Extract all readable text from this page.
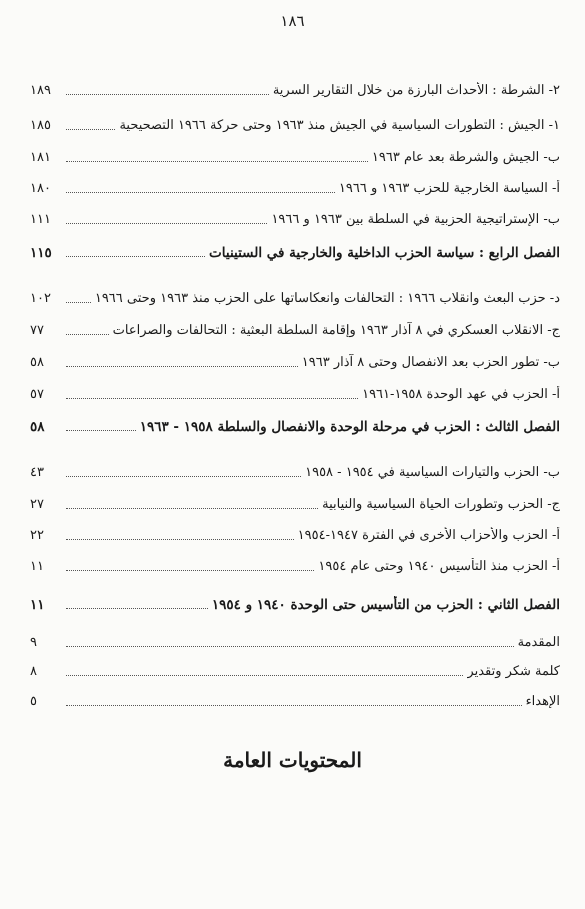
١٨٦
١٨٩	٢- الشرطة : الأحداث البارزة من خلال التقارير السرية
١٨٥	١- الجيش : التطورات السياسية في الجيش منذ ١٩٦٣ وحتى حركة ١٩٦٦ التصحيحية
١٨١	ب- الجيش والشرطة بعد عام ١٩٦٣
١٨٠	أ- السياسة الخارجية للحزب ١٩٦٣ و ١٩٦٦
١١١	ب- الإستراتيجية الحزبية في السلطة بين ١٩٦٣ و ١٩٦٦
١١٥	الفصل الرابع : سياسة الحزب الداخلية والخارجية في الستينيات
١٠٢	د- حزب البعث وانقلاب ١٩٦٦ : التحالفات وانعكاساتها على الحزب منذ ١٩٦٣ وحتى ١٩٦٦
٧٧	ج- الانقلاب العسكري في ٨ آذار ١٩٦٣ وإقامة السلطة البعثية : التحالفات والصراعات
٥٨	ب- تطور الحزب بعد الانفصال وحتى ٨ آذار ١٩٦٣
٥٧	أ- الحزب في عهد الوحدة ١٩٥٨-١٩٦١
٥٨	الفصل الثالث : الحزب في مرحلة الوحدة والانفصال والسلطة ١٩٥٨ - ١٩٦٣
٤٣	ب- الحزب والتيارات السياسية في ١٩٥٤ - ١٩٥٨
٢٧	ج- الحزب وتطورات الحياة السياسية والنيابية
٢٢	أ- الحزب والأحزاب الأخرى في الفترة ١٩٤٧-١٩٥٤
١١	أ- الحزب منذ التأسيس ١٩٤٠ وحتى عام ١٩٥٤
١١	الفصل الثاني : الحزب من التأسيس حتى الوحدة ١٩٤٠ و ١٩٥٤
٩	المقدمة
٨	كلمة شكر وتقدير
٥	الإهداء
المحتويات العامة
